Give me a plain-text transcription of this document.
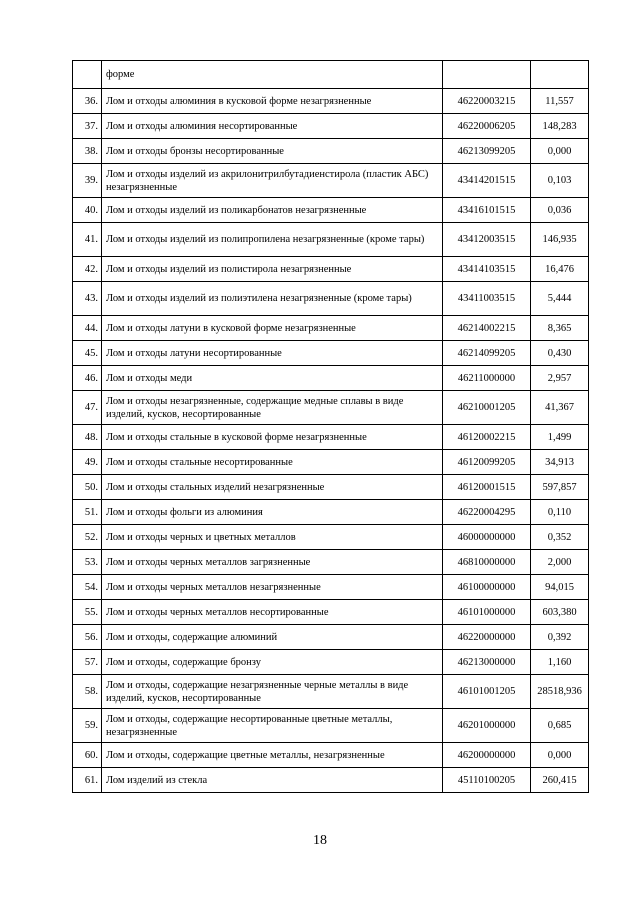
	форме		
36.	Лом и отходы алюминия в кусковой форме незагрязненные	46220003215	11,557
37.	Лом и отходы алюминия несортированные	46220006205	148,283
38.	Лом и отходы бронзы несортированные	46213099205	0,000
39.	Лом и отходы изделий из акрилонитрилбутадиенстирола (пластик АБС) незагрязненные	43414201515	0,103
40.	Лом и отходы изделий из поликарбонатов незагрязненные	43416101515	0,036
41.	Лом и отходы изделий из полипропилена незагрязненные (кроме тары)	43412003515	146,935
42.	Лом и отходы изделий из полистирола незагрязненные	43414103515	16,476
43.	Лом и отходы изделий из полиэтилена незагрязненные (кроме тары)	43411003515	5,444
44.	Лом и отходы латуни в кусковой форме незагрязненные	46214002215	8,365
45.	Лом и отходы латуни несортированные	46214099205	0,430
46.	Лом и отходы меди	46211000000	2,957
47.	Лом и отходы незагрязненные, содержащие медные сплавы в виде изделий, кусков, несортированные	46210001205	41,367
48.	Лом и отходы стальные в кусковой форме незагрязненные	46120002215	1,499
49.	Лом и отходы стальные несортированные	46120099205	34,913
50.	Лом и отходы стальных изделий незагрязненные	46120001515	597,857
51.	Лом и отходы фольги из алюминия	46220004295	0,110
52.	Лом и отходы черных и цветных металлов	46000000000	0,352
53.	Лом и отходы черных металлов загрязненные	46810000000	2,000
54.	Лом и отходы черных металлов незагрязненные	46100000000	94,015
55.	Лом и отходы черных металлов несортированные	46101000000	603,380
56.	Лом и отходы, содержащие алюминий	46220000000	0,392
57.	Лом и отходы, содержащие бронзу	46213000000	1,160
58.	Лом и отходы, содержащие незагрязненные черные металлы в виде изделий, кусков, несортированные	46101001205	28518,936
59.	Лом и отходы, содержащие несортированные цветные металлы, незагрязненные	46201000000	0,685
60.	Лом и отходы, содержащие цветные металлы, незагрязненные	46200000000	0,000
61.	Лом изделий из стекла	45110100205	260,415
18
